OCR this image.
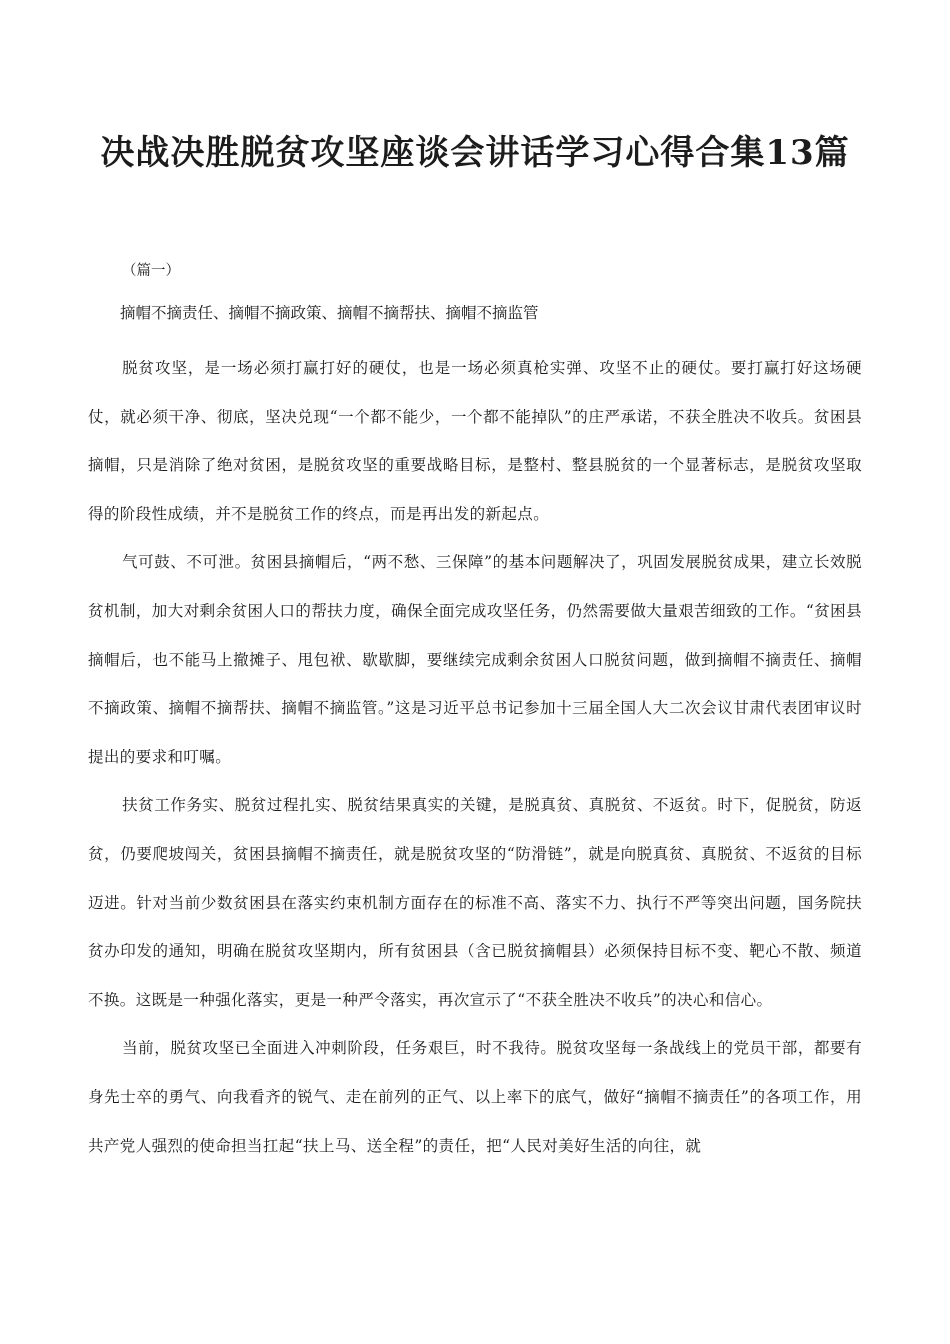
决战决胜脱贫攻坚座谈会讲话学习心得合集13篇
（篇一）
摘帽不摘责任、摘帽不摘政策、摘帽不摘帮扶、摘帽不摘监管

脱贫攻坚，是一场必须打赢打好的硬仗，也是一场必须真枪实弹、攻坚不止的硬仗。要打赢打好这场硬仗，就必须干净、彻底，坚决兑现“一个都不能少，一个都不能掉队”的庄严承诺，不获全胜决不收兵。贫困县摘帽，只是消除了绝对贫困，是脱贫攻坚的重要战略目标，是整村、整县脱贫的一个显著标志，是脱贫攻坚取得的阶段性成绩，并不是脱贫工作的终点，而是再出发的新起点。

气可鼓、不可泄。贫困县摘帽后，“两不愁、三保障”的基本问题解决了，巩固发展脱贫成果，建立长效脱贫机制，加大对剩余贫困人口的帮扶力度，确保全面完成攻坚任务，仍然需要做大量艰苦细致的工作。“贫困县摘帽后，也不能马上撤摊子、甩包袱、歇歇脚，要继续完成剩余贫困人口脱贫问题，做到摘帽不摘责任、摘帽不摘政策、摘帽不摘帮扶、摘帽不摘监管。”这是习近平总书记参加十三届全国人大二次会议甘肃代表团审议时提出的要求和叮嘱。

扶贫工作务实、脱贫过程扎实、脱贫结果真实的关键，是脱真贫、真脱贫、不返贫。时下，促脱贫，防返贫，仍要爬坡闯关，贫困县摘帽不摘责任，就是脱贫攻坚的“防滑链”，就是向脱真贫、真脱贫、不返贫的目标迈进。针对当前少数贫困县在落实约束机制方面存在的标准不高、落实不力、执行不严等突出问题，国务院扶贫办印发的通知，明确在脱贫攻坚期内，所有贫困县（含已脱贫摘帽县）必须保持目标不变、靶心不散、频道不换。这既是一种强化落实，更是一种严令落实，再次宣示了“不获全胜决不收兵”的决心和信心。

当前，脱贫攻坚已全面进入冲刺阶段，任务艰巨，时不我待。脱贫攻坚每一条战线上的党员干部，都要有身先士卒的勇气、向我看齐的锐气、走在前列的正气、以上率下的底气，做好“摘帽不摘责任”的各项工作，用共产党人强烈的使命担当扛起“扶上马、送全程”的责任，把“人民对美好生活的向往，就
